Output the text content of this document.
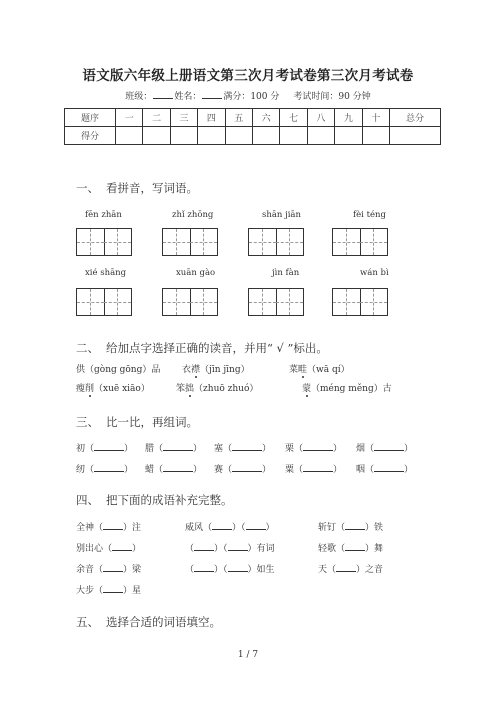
语文版六年级上册语文第三次月考试卷第三次月考试卷
班级： 姓名： 满分：100 分 考试时间：90 分钟
题序	一	二	三	四	五	六	七	八	九	十	总分
得分											
一、 看拼音，写词语。
fēn zhān	zhǐ zhōng	shān jiān	fèi téng
xié shāng	xuān gào	jìn fàn	wán bì
二、 给加点字选择正确的读音，并用“ √ ”标出。
供（gòng gōng）品 衣襟（jīn jīng）	菜畦（wā qí）
瘦削（xuē xiāo）	笨拙（zhuō zhuó）	蒙（méng měng）古
三、 比一比，再组词。
初（	） 腊（	） 塞（	） 栗（	） 烟（	）
纫（	） 蜡（	） 赛（	） 粟（	） 咽（	）
四、 把下面的成语补充完整。
全神（ ）注	威风（ ）（ ）	斩钉（ ）铁
别出心（ ）	（ ）（ ）有词	轻歌（ ）舞
余音（ ）梁	（ ）（ ）如生	天（ ）之音
大步（ ）星
五、 选择合适的词语填空。
1 / 7
